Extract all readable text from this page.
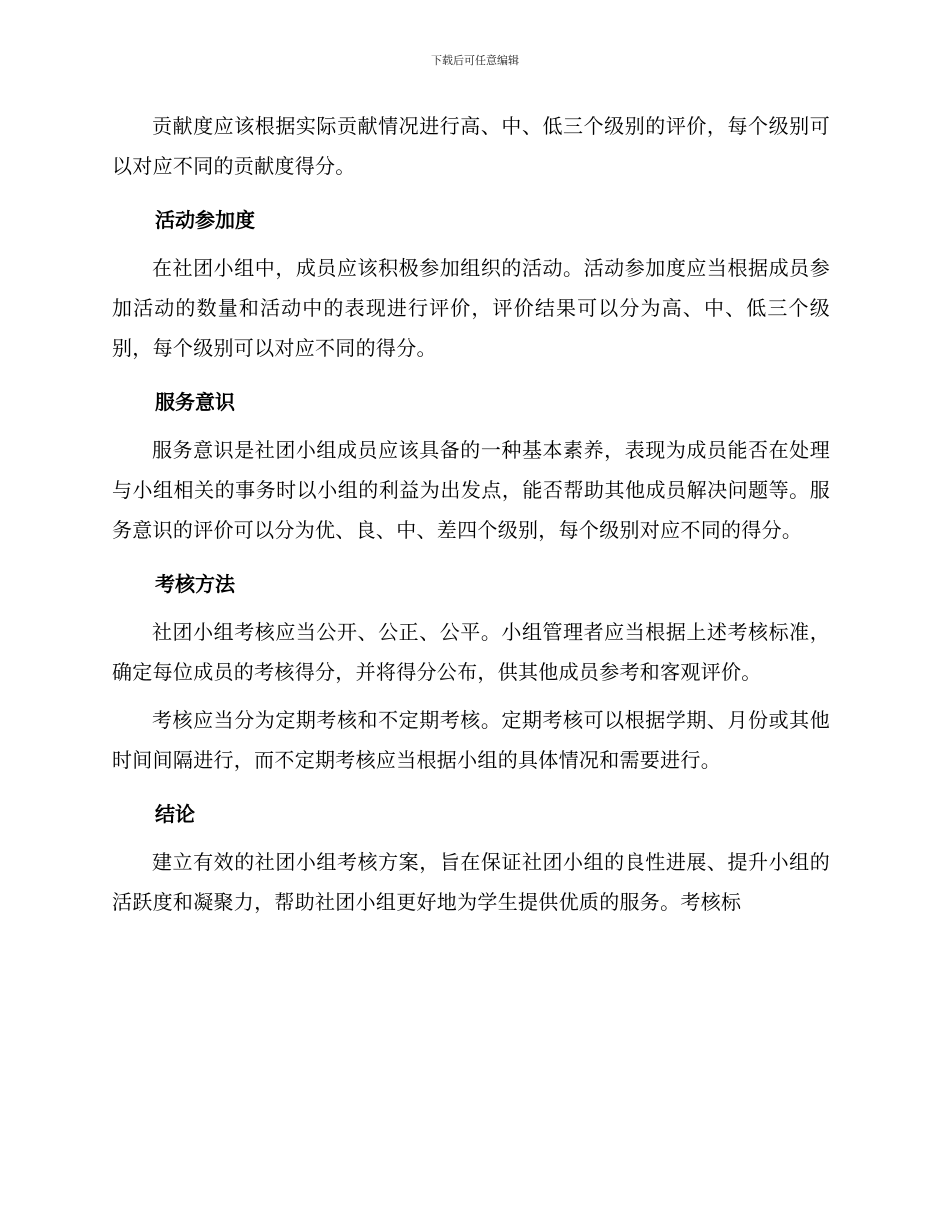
下载后可任意编辑

贡献度应该根据实际贡献情况进行高、中、低三个级别的评价，每个级别可以对应不同的贡献度得分。

活动参加度

在社团小组中，成员应该积极参加组织的活动。活动参加度应当根据成员参加活动的数量和活动中的表现进行评价，评价结果可以分为高、中、低三个级别，每个级别可以对应不同的得分。

服务意识

服务意识是社团小组成员应该具备的一种基本素养，表现为成员能否在处理与小组相关的事务时以小组的利益为出发点，能否帮助其他成员解决问题等。服务意识的评价可以分为优、良、中、差四个级别，每个级别对应不同的得分。

考核方法

社团小组考核应当公开、公正、公平。小组管理者应当根据上述考核标准，确定每位成员的考核得分，并将得分公布，供其他成员参考和客观评价。

考核应当分为定期考核和不定期考核。定期考核可以根据学期、月份或其他时间间隔进行，而不定期考核应当根据小组的具体情况和需要进行。

结论

建立有效的社团小组考核方案，旨在保证社团小组的良性进展、提升小组的活跃度和凝聚力，帮助社团小组更好地为学生提供优质的服务。考核标
